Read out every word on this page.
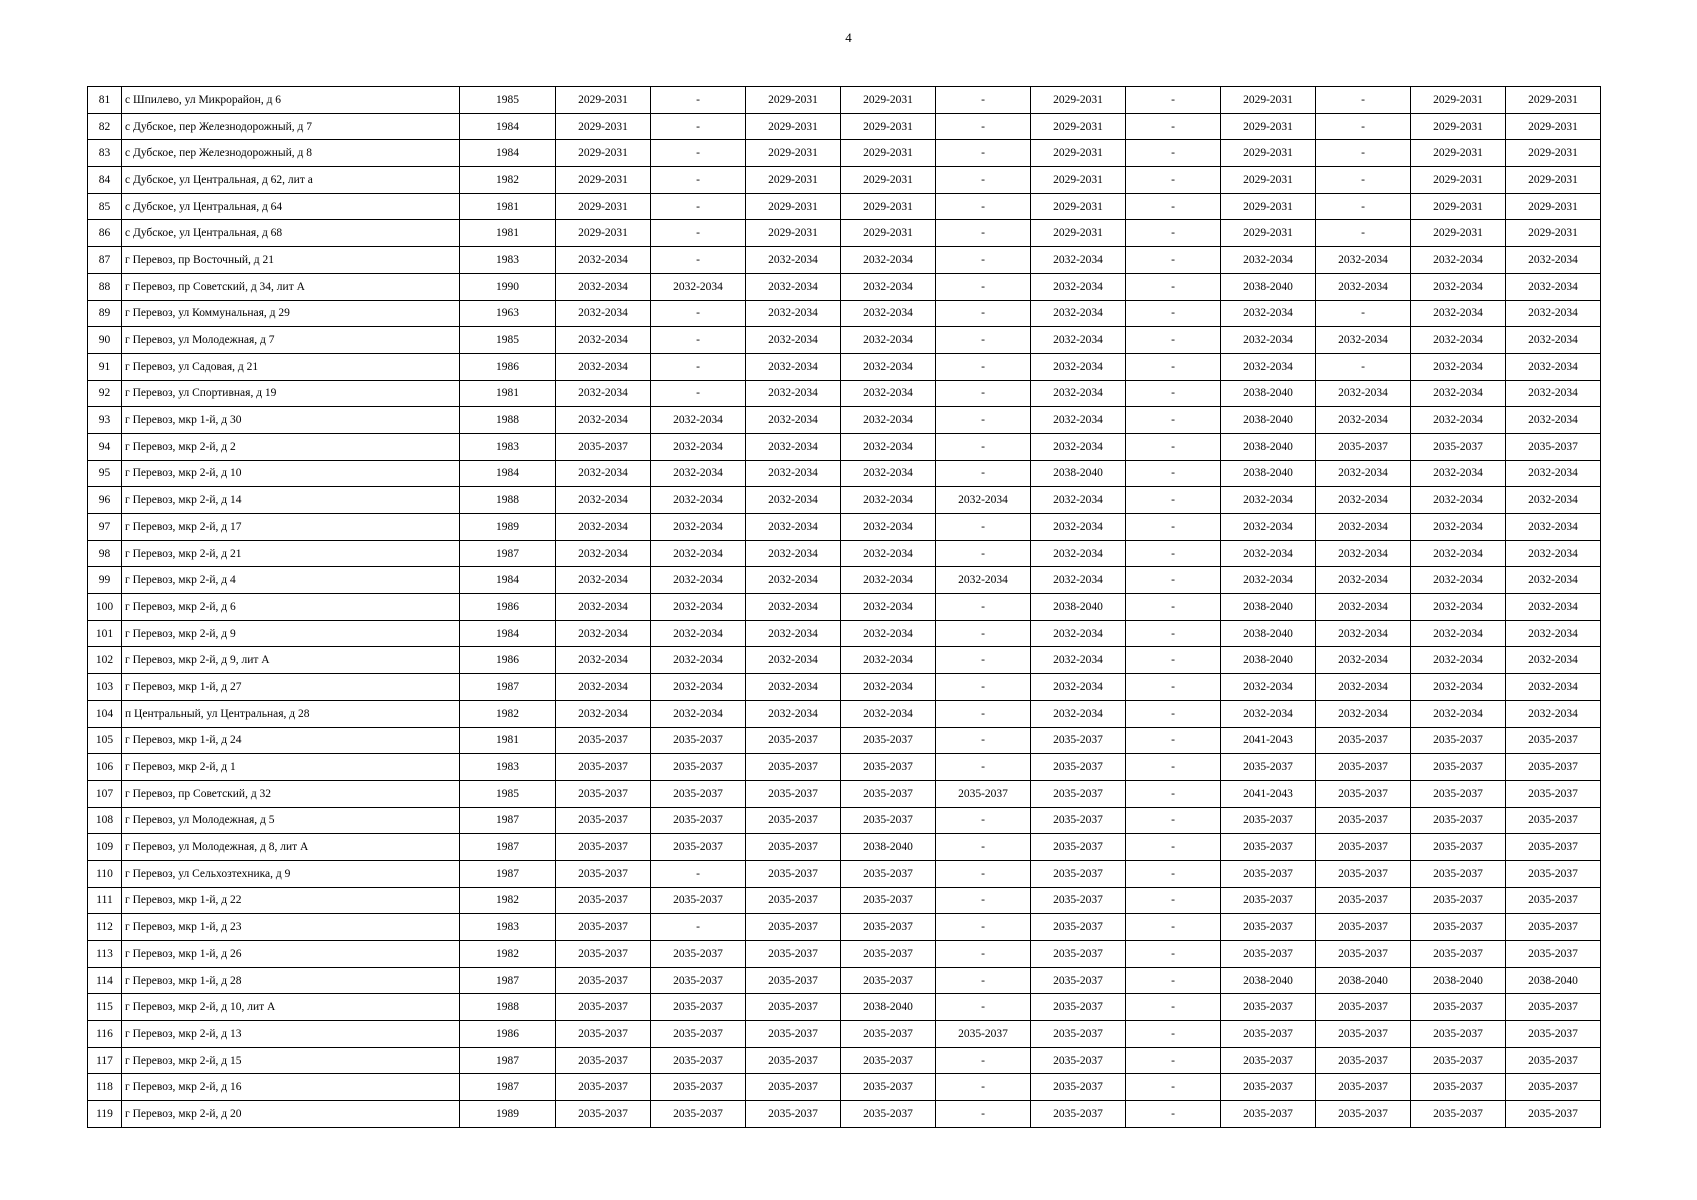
4
81	с Шпилево, ул Микрорайон, д 6	1985	2029-2031	-	2029-2031	2029-2031	-	2029-2031	-	2029-2031	-	2029-2031	2029-2031
82	с Дубское, пер Железнодорожный, д 7	1984	2029-2031	-	2029-2031	2029-2031	-	2029-2031	-	2029-2031	-	2029-2031	2029-2031
83	с Дубское, пер Железнодорожный, д 8	1984	2029-2031	-	2029-2031	2029-2031	-	2029-2031	-	2029-2031	-	2029-2031	2029-2031
84	с Дубское, ул Центральная, д 62, лит а	1982	2029-2031	-	2029-2031	2029-2031	-	2029-2031	-	2029-2031	-	2029-2031	2029-2031
85	с Дубское, ул Центральная, д 64	1981	2029-2031	-	2029-2031	2029-2031	-	2029-2031	-	2029-2031	-	2029-2031	2029-2031
86	с Дубское, ул Центральная, д 68	1981	2029-2031	-	2029-2031	2029-2031	-	2029-2031	-	2029-2031	-	2029-2031	2029-2031
87	г Перевоз, пр Восточный, д 21	1983	2032-2034	-	2032-2034	2032-2034	-	2032-2034	-	2032-2034	2032-2034	2032-2034	2032-2034
88	г Перевоз, пр Советский, д 34, лит А	1990	2032-2034	2032-2034	2032-2034	2032-2034	-	2032-2034	-	2038-2040	2032-2034	2032-2034	2032-2034
89	г Перевоз, ул Коммунальная, д 29	1963	2032-2034	-	2032-2034	2032-2034	-	2032-2034	-	2032-2034	-	2032-2034	2032-2034
90	г Перевоз, ул Молодежная, д 7	1985	2032-2034	-	2032-2034	2032-2034	-	2032-2034	-	2032-2034	2032-2034	2032-2034	2032-2034
91	г Перевоз, ул Садовая, д 21	1986	2032-2034	-	2032-2034	2032-2034	-	2032-2034	-	2032-2034	-	2032-2034	2032-2034
92	г Перевоз, ул Спортивная, д 19	1981	2032-2034	-	2032-2034	2032-2034	-	2032-2034	-	2038-2040	2032-2034	2032-2034	2032-2034
93	г Перевоз, мкр 1-й, д 30	1988	2032-2034	2032-2034	2032-2034	2032-2034	-	2032-2034	-	2038-2040	2032-2034	2032-2034	2032-2034
94	г Перевоз, мкр 2-й, д 2	1983	2035-2037	2032-2034	2032-2034	2032-2034	-	2032-2034	-	2038-2040	2035-2037	2035-2037	2035-2037
95	г Перевоз, мкр 2-й, д 10	1984	2032-2034	2032-2034	2032-2034	2032-2034	-	2038-2040	-	2038-2040	2032-2034	2032-2034	2032-2034
96	г Перевоз, мкр 2-й, д 14	1988	2032-2034	2032-2034	2032-2034	2032-2034	2032-2034	2032-2034	-	2032-2034	2032-2034	2032-2034	2032-2034
97	г Перевоз, мкр 2-й, д 17	1989	2032-2034	2032-2034	2032-2034	2032-2034	-	2032-2034	-	2032-2034	2032-2034	2032-2034	2032-2034
98	г Перевоз, мкр 2-й, д 21	1987	2032-2034	2032-2034	2032-2034	2032-2034	-	2032-2034	-	2032-2034	2032-2034	2032-2034	2032-2034
99	г Перевоз, мкр 2-й, д 4	1984	2032-2034	2032-2034	2032-2034	2032-2034	2032-2034	2032-2034	-	2032-2034	2032-2034	2032-2034	2032-2034
100	г Перевоз, мкр 2-й, д 6	1986	2032-2034	2032-2034	2032-2034	2032-2034	-	2038-2040	-	2038-2040	2032-2034	2032-2034	2032-2034
101	г Перевоз, мкр 2-й, д 9	1984	2032-2034	2032-2034	2032-2034	2032-2034	-	2032-2034	-	2038-2040	2032-2034	2032-2034	2032-2034
102	г Перевоз, мкр 2-й, д 9, лит А	1986	2032-2034	2032-2034	2032-2034	2032-2034	-	2032-2034	-	2038-2040	2032-2034	2032-2034	2032-2034
103	г Перевоз, мкр 1-й, д 27	1987	2032-2034	2032-2034	2032-2034	2032-2034	-	2032-2034	-	2032-2034	2032-2034	2032-2034	2032-2034
104	п Центральный, ул Центральная, д 28	1982	2032-2034	2032-2034	2032-2034	2032-2034	-	2032-2034	-	2032-2034	2032-2034	2032-2034	2032-2034
105	г Перевоз, мкр 1-й, д 24	1981	2035-2037	2035-2037	2035-2037	2035-2037	-	2035-2037	-	2041-2043	2035-2037	2035-2037	2035-2037
106	г Перевоз, мкр 2-й, д 1	1983	2035-2037	2035-2037	2035-2037	2035-2037	-	2035-2037	-	2035-2037	2035-2037	2035-2037	2035-2037
107	г Перевоз, пр Советский, д 32	1985	2035-2037	2035-2037	2035-2037	2035-2037	2035-2037	2035-2037	-	2041-2043	2035-2037	2035-2037	2035-2037
108	г Перевоз, ул Молодежная, д 5	1987	2035-2037	2035-2037	2035-2037	2035-2037	-	2035-2037	-	2035-2037	2035-2037	2035-2037	2035-2037
109	г Перевоз, ул Молодежная, д 8, лит А	1987	2035-2037	2035-2037	2035-2037	2038-2040	-	2035-2037	-	2035-2037	2035-2037	2035-2037	2035-2037
110	г Перевоз, ул Сельхозтехника, д 9	1987	2035-2037	-	2035-2037	2035-2037	-	2035-2037	-	2035-2037	2035-2037	2035-2037	2035-2037
111	г Перевоз, мкр 1-й, д 22	1982	2035-2037	2035-2037	2035-2037	2035-2037	-	2035-2037	-	2035-2037	2035-2037	2035-2037	2035-2037
112	г Перевоз, мкр 1-й, д 23	1983	2035-2037	-	2035-2037	2035-2037	-	2035-2037	-	2035-2037	2035-2037	2035-2037	2035-2037
113	г Перевоз, мкр 1-й, д 26	1982	2035-2037	2035-2037	2035-2037	2035-2037	-	2035-2037	-	2035-2037	2035-2037	2035-2037	2035-2037
114	г Перевоз, мкр 1-й, д 28	1987	2035-2037	2035-2037	2035-2037	2035-2037	-	2035-2037	-	2038-2040	2038-2040	2038-2040	2038-2040
115	г Перевоз, мкр 2-й, д 10, лит А	1988	2035-2037	2035-2037	2035-2037	2038-2040	-	2035-2037	-	2035-2037	2035-2037	2035-2037	2035-2037
116	г Перевоз, мкр 2-й, д 13	1986	2035-2037	2035-2037	2035-2037	2035-2037	2035-2037	2035-2037	-	2035-2037	2035-2037	2035-2037	2035-2037
117	г Перевоз, мкр 2-й, д 15	1987	2035-2037	2035-2037	2035-2037	2035-2037	-	2035-2037	-	2035-2037	2035-2037	2035-2037	2035-2037
118	г Перевоз, мкр 2-й, д 16	1987	2035-2037	2035-2037	2035-2037	2035-2037	-	2035-2037	-	2035-2037	2035-2037	2035-2037	2035-2037
119	г Перевоз, мкр 2-й, д 20	1989	2035-2037	2035-2037	2035-2037	2035-2037	-	2035-2037	-	2035-2037	2035-2037	2035-2037	2035-2037
